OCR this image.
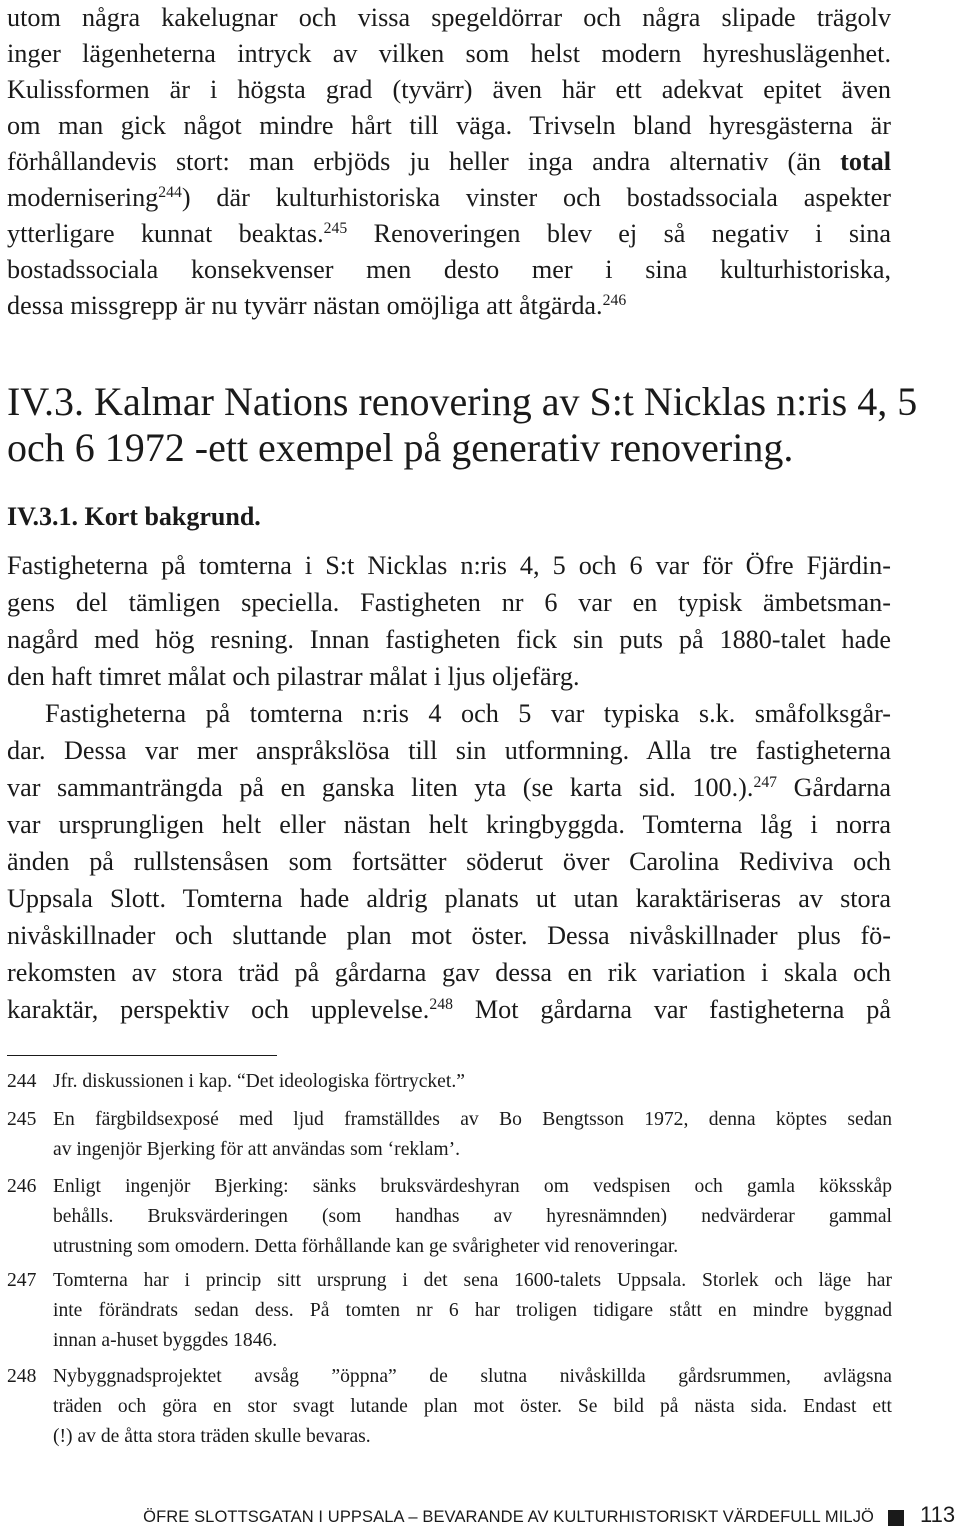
utom några kakelugnar och vissa spegeldörrar och några slipade trägolv
inger lägenheterna intryck av vilken som helst modern hyreshuslägenhet.
Kulissformen är i högsta grad (tyvärr) även här ett adekvat epitet även
om man gick något mindre hårt till väga. Trivseln bland hyresgästerna är
förhållandevis stort: man erbjöds ju heller inga andra alternativ (än total
modernisering$^{244}$) där kulturhistoriska vinster och bostadssociala aspekter
ytterligare kunnat beaktas.$^{245}$ Renoveringen blev ej så negativ i sina
bostadssociala konsekvenser men desto mer i sina kulturhistoriska,
dessa missgrepp är nu tyvärr nästan omöjliga att åtgärda.$^{246}$
IV.3. Kalmar Nations renovering av S:t Nicklas n:ris 4, 5
och 6 1972 -ett exempel på generativ renovering.
IV.3.1. Kort bakgrund.
Fastigheterna på tomterna i S:t Nicklas n:ris 4, 5 och 6 var för Öfre Fjärdin-
gens del tämligen speciella. Fastigheten nr 6 var en typisk ämbetsman-
nagård med hög resning. Innan fastigheten fick sin puts på 1880-talet hade
den haft timret målat och pilastrar målat i ljus oljefärg.
Fastigheterna på tomterna n:ris 4 och 5 var typiska s.k. småfolksgår-
dar. Dessa var mer anspråkslösa till sin utformning. Alla tre fastigheterna
var sammanträngda på en ganska liten yta (se karta sid. 100.).$^{247}$ Gårdarna
var ursprungligen helt eller nästan helt kringbyggda. Tomterna låg i norra
änden på rullstensåsen som fortsätter söderut över Carolina Rediviva och
Uppsala Slott. Tomterna hade aldrig planats ut utan karaktäriseras av stora
nivåskillnader och sluttande plan mot öster. Dessa nivåskillnader plus fö-
rekomsten av stora träd på gårdarna gav dessa en rik variation i skala och
karaktär, perspektiv och upplevelse.$^{248}$ Mot gårdarna var fastigheterna på
244 Jfr. diskussionen i kap. “Det ideologiska förtrycket.”
245 En färgbildsexposé med ljud framställdes av Bo Bengtsson 1972, denna köptes sedan
av ingenjör Bjerking för att användas som ‘reklam’.
246 Enligt ingenjör Bjerking: sänks bruksvärdeshyran om vedspisen och gamla köksskåp
behålls. Bruksvärderingen (som handhas av hyresnämnden) nedvärderar gammal
utrustning som omodern. Detta förhållande kan ge svårigheter vid renoveringar.
247 Tomterna har i princip sitt ursprung i det sena 1600-talets Uppsala. Storlek och läge har
inte förändrats sedan dess. På tomten nr 6 har troligen tidigare stått en mindre byggnad
innan a-huset byggdes 1846.
248 Nybyggnadsprojektet avsåg ”öppna” de slutna nivåskillda gårdsrummen, avlägsna
träden och göra en stor svagt lutande plan mot öster. Se bild på nästa sida. Endast ett
(!) av de åtta stora träden skulle bevaras.
ÖFRE SLOTTSGATAN I UPPSALA – BEVARANDE AV KULTURHISTORISKT VÄRDEFULL MILJÖ 113
